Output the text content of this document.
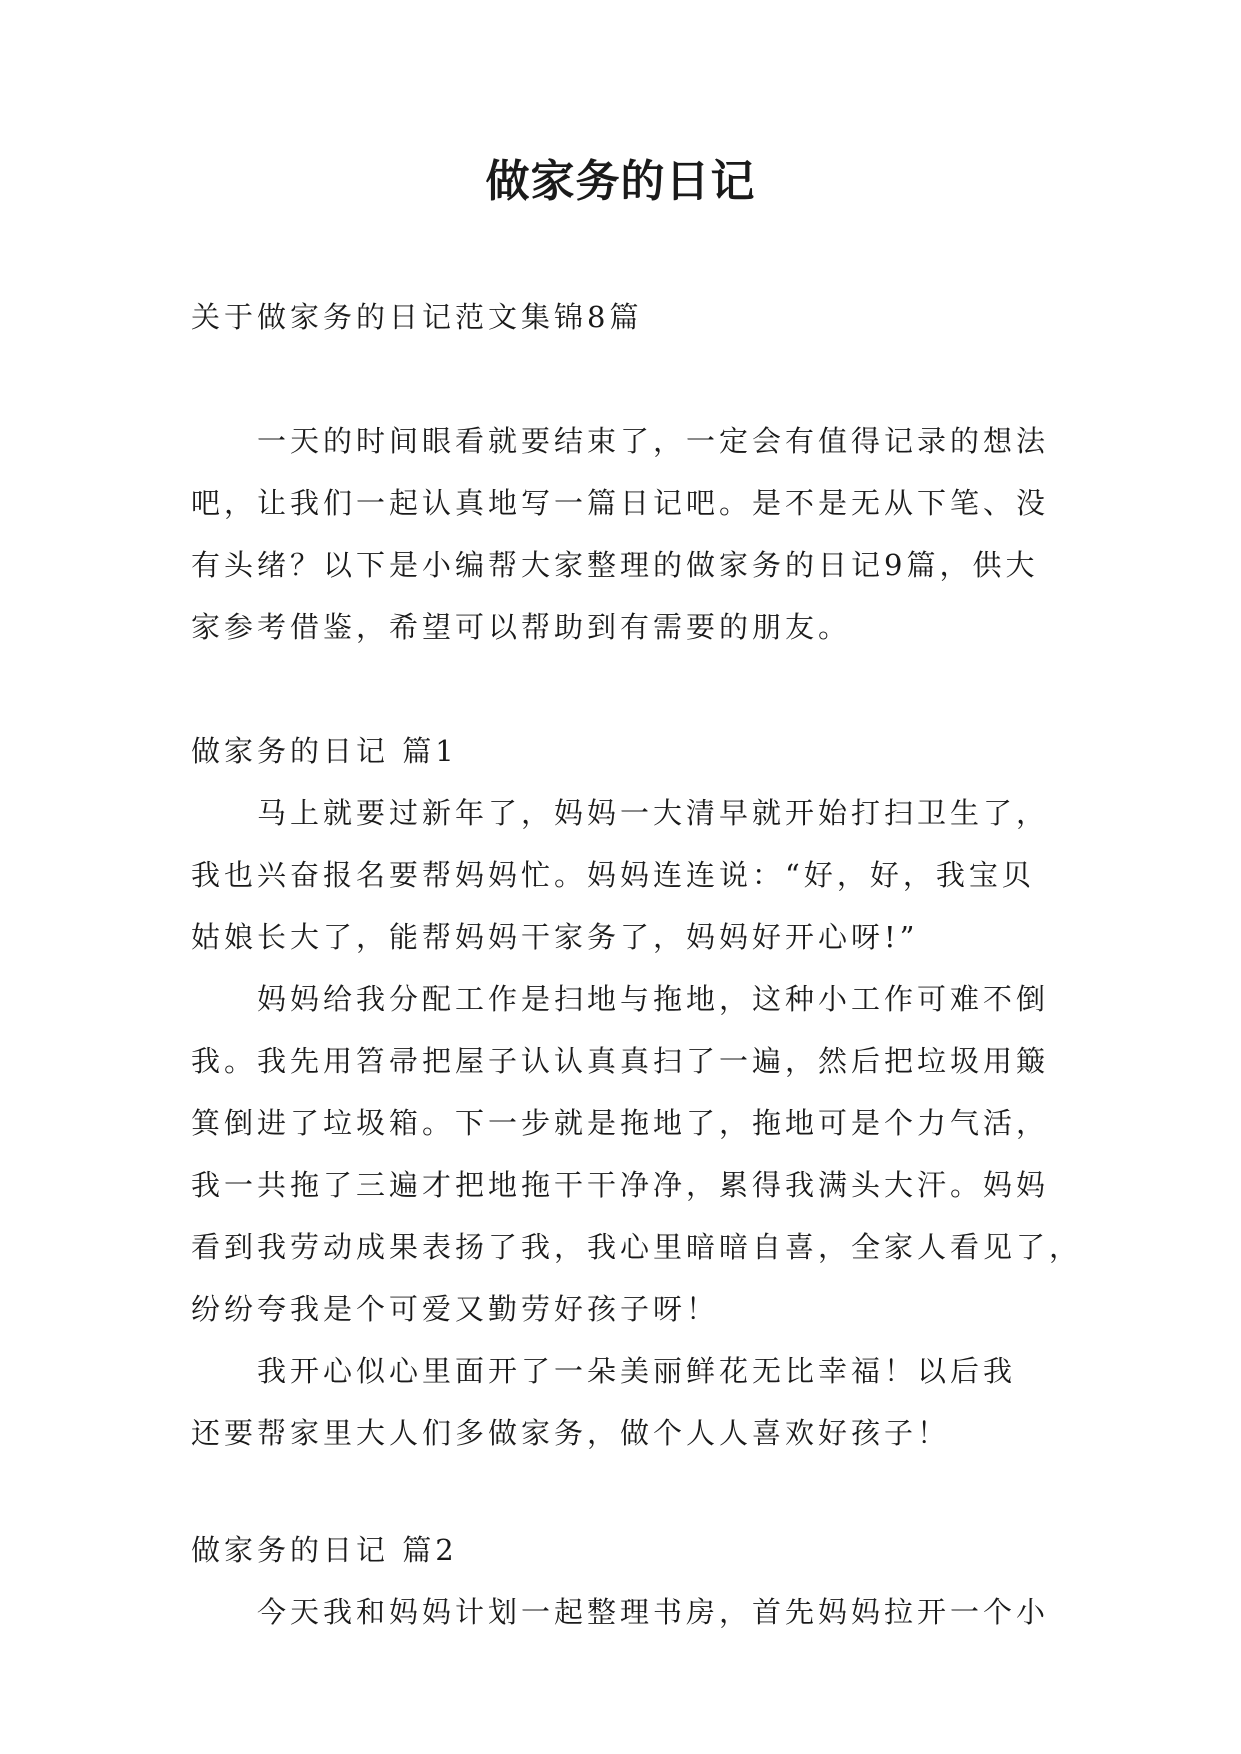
做家务的日记

关于做家务的日记范文集锦8篇

　　一天的时间眼看就要结束了，一定会有值得记录的想法

吧，让我们一起认真地写一篇日记吧。是不是无从下笔、没

有头绪？以下是小编帮大家整理的做家务的日记9篇，供大

家参考借鉴，希望可以帮助到有需要的朋友。

做家务的日记 篇1

　　马上就要过新年了，妈妈一大清早就开始打扫卫生了，

我也兴奋报名要帮妈妈忙。妈妈连连说：“好，好，我宝贝

姑娘长大了，能帮妈妈干家务了，妈妈好开心呀!”

　　妈妈给我分配工作是扫地与拖地，这种小工作可难不倒

我。我先用笤帚把屋子认认真真扫了一遍，然后把垃圾用簸

箕倒进了垃圾箱。下一步就是拖地了，拖地可是个力气活，

我一共拖了三遍才把地拖干干净净，累得我满头大汗。妈妈

看到我劳动成果表扬了我，我心里暗暗自喜，全家人看见了，

纷纷夸我是个可爱又勤劳好孩子呀！

　　我开心似心里面开了一朵美丽鲜花无比幸福！以后我

还要帮家里大人们多做家务，做个人人喜欢好孩子！

做家务的日记 篇2

　　今天我和妈妈计划一起整理书房，首先妈妈拉开一个小
